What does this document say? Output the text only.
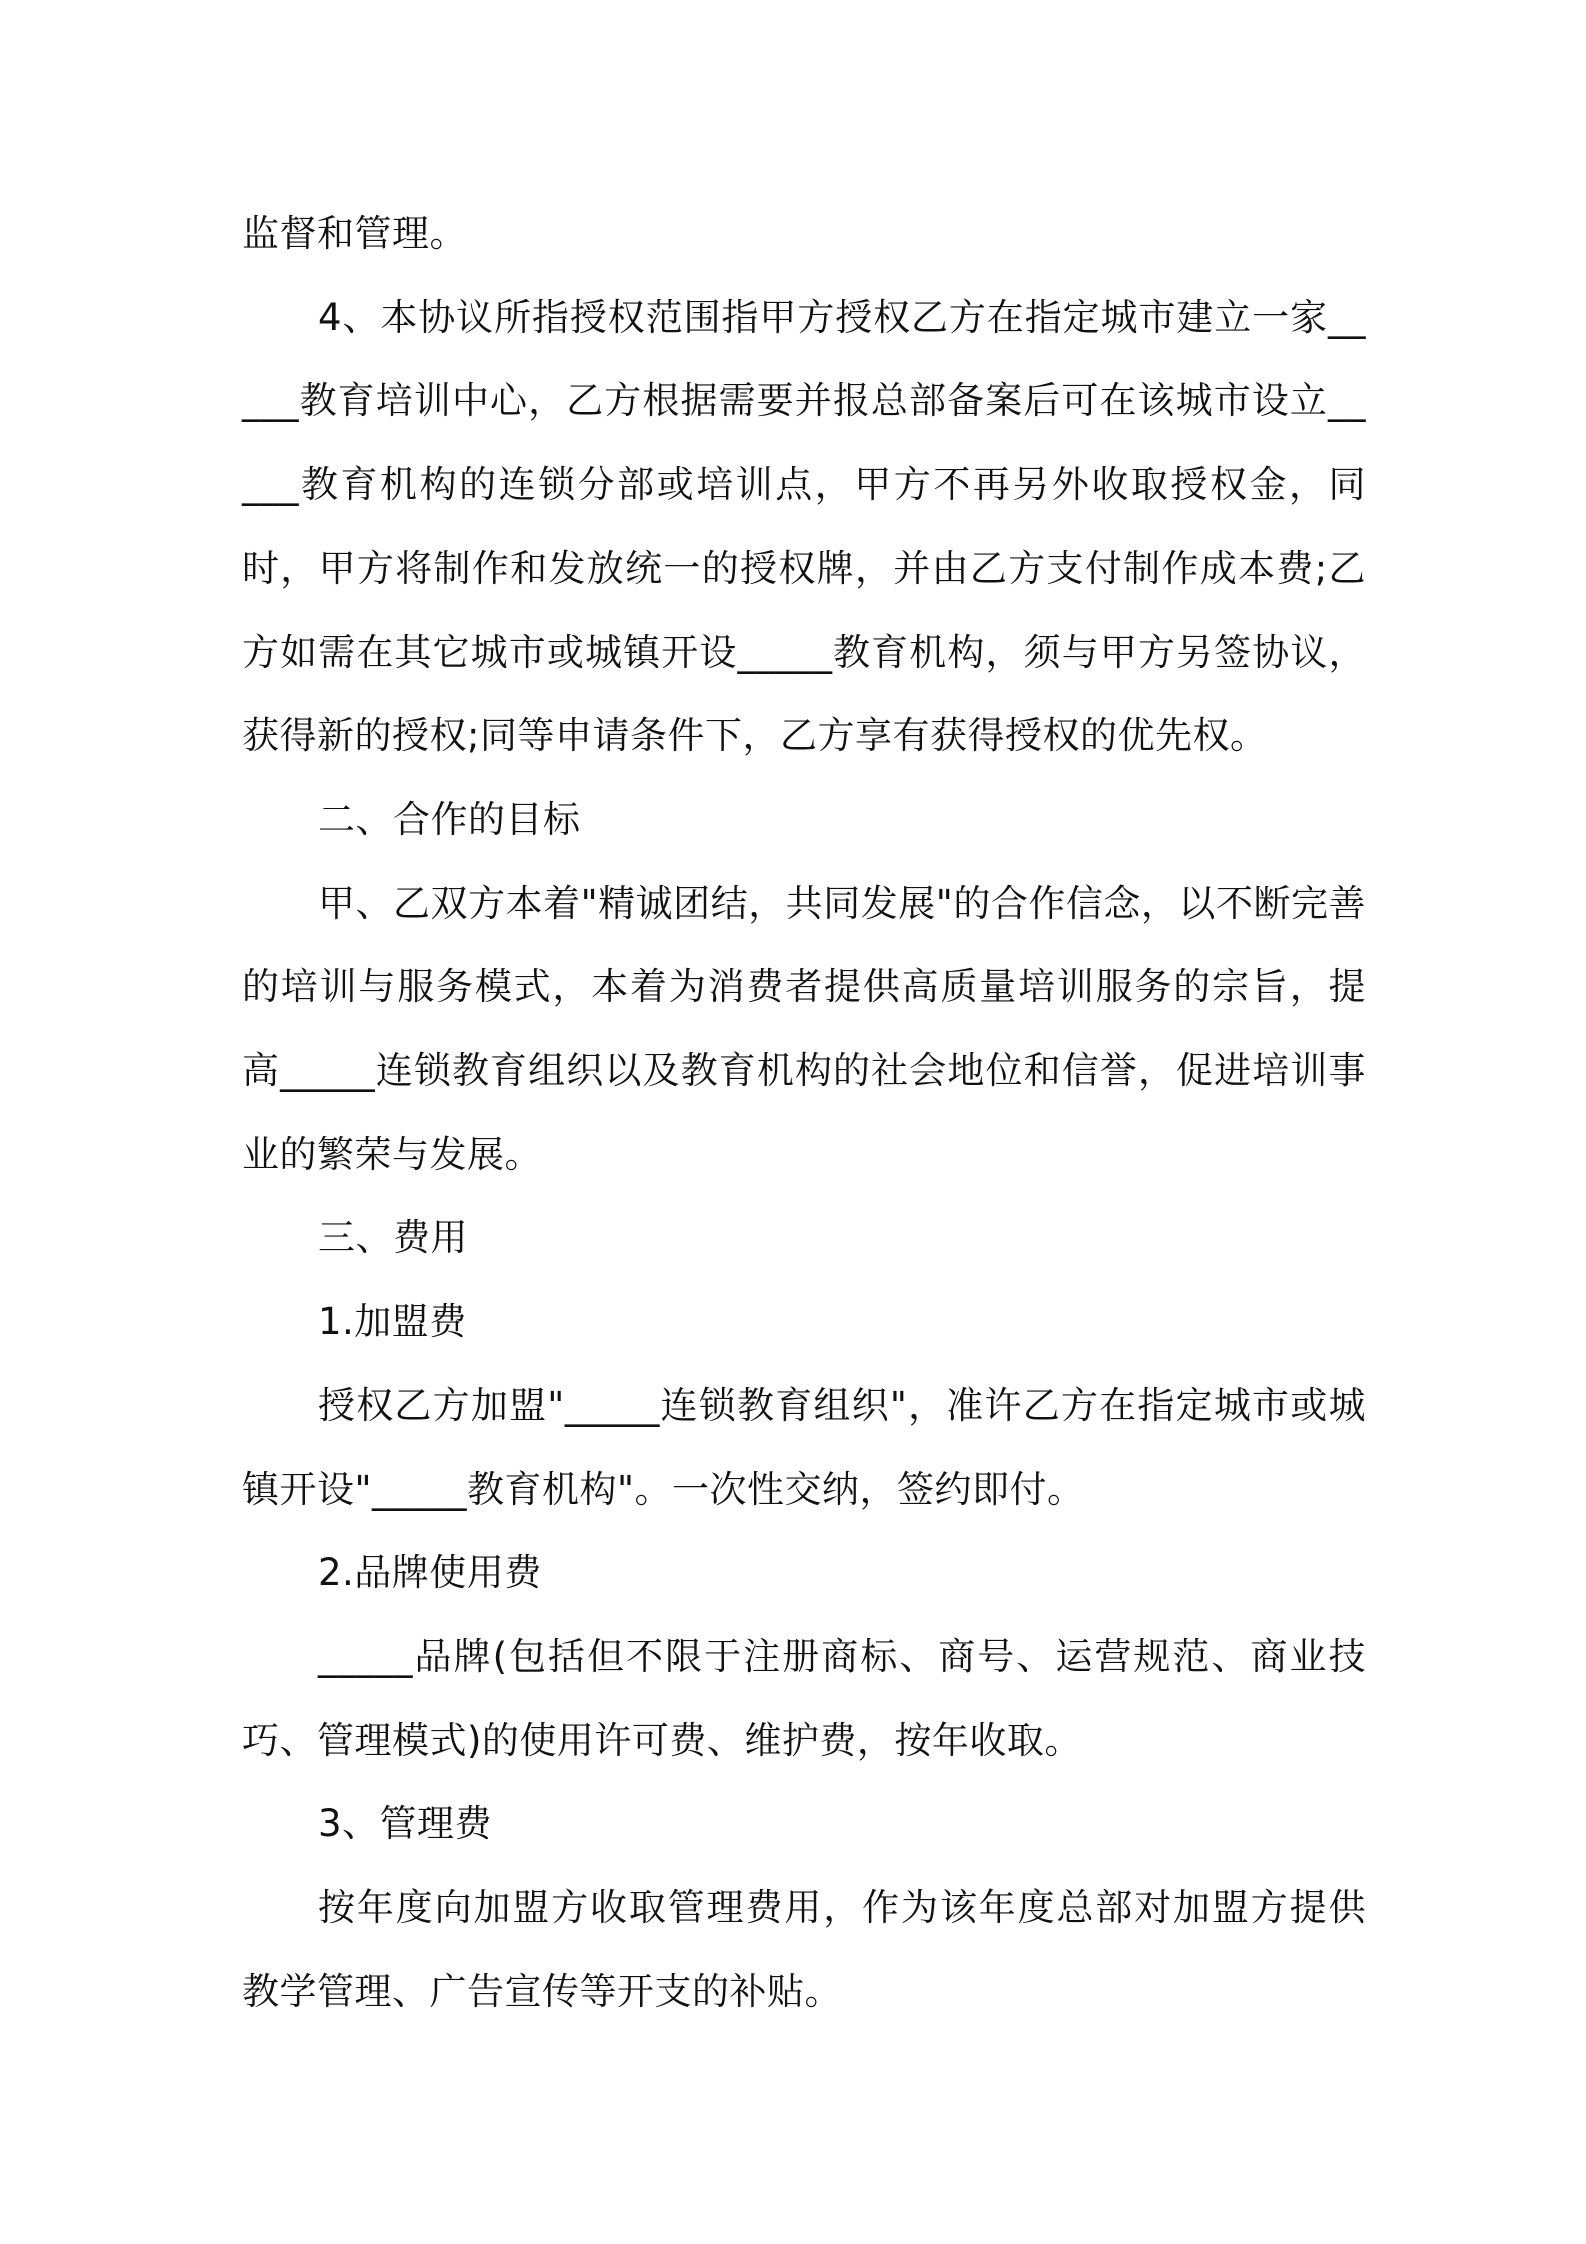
监督和管理。

4、本协议所指授权范围指甲方授权乙方在指定城市建立一家_____教育培训中心，乙方根据需要并报总部备案后可在该城市设立_____教育机构的连锁分部或培训点，甲方不再另外收取授权金，同时，甲方将制作和发放统一的授权牌，并由乙方支付制作成本费;乙方如需在其它城市或城镇开设_____教育机构，须与甲方另签协议，获得新的授权;同等申请条件下，乙方享有获得授权的优先权。

二、合作的目标

甲、乙双方本着"精诚团结，共同发展"的合作信念，以不断完善的培训与服务模式，本着为消费者提供高质量培训服务的宗旨，提高_____连锁教育组织以及教育机构的社会地位和信誉，促进培训事业的繁荣与发展。

三、费用

1.加盟费

授权乙方加盟"_____连锁教育组织"，准许乙方在指定城市或城镇开设"_____教育机构"。一次性交纳，签约即付。

2.品牌使用费

_____品牌(包括但不限于注册商标、商号、运营规范、商业技巧、管理模式)的使用许可费、维护费，按年收取。

3、管理费

按年度向加盟方收取管理费用，作为该年度总部对加盟方提供教学管理、广告宣传等开支的补贴。
